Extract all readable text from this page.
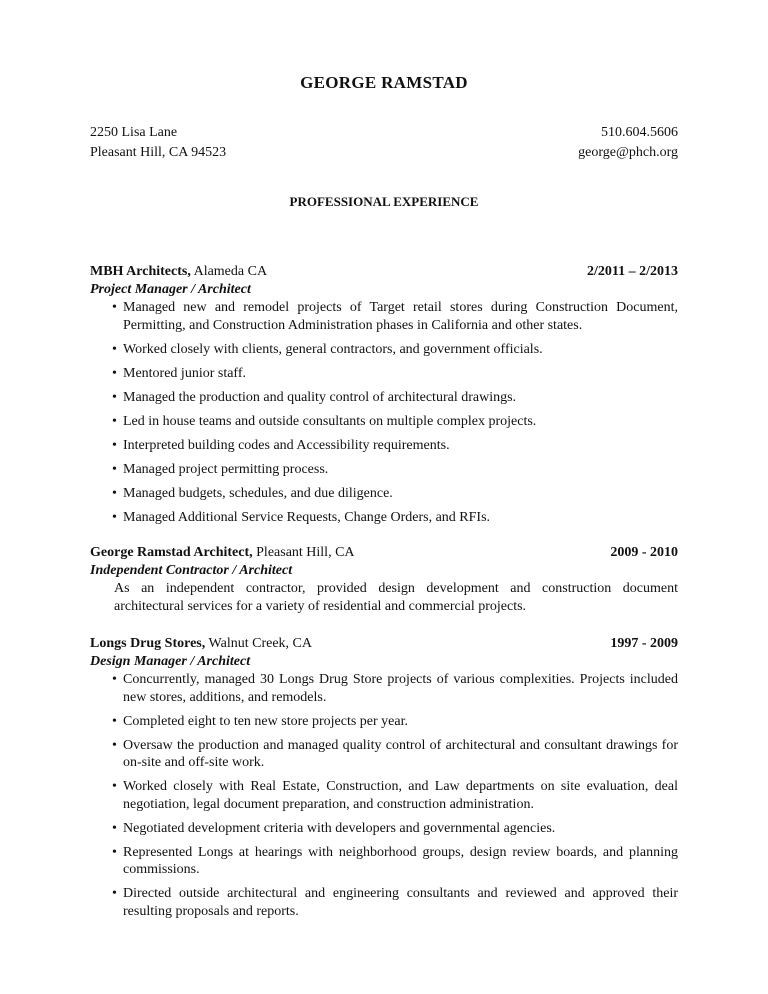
GEORGE RAMSTAD
2250 Lisa Lane	510.604.5606
Pleasant Hill, CA 94523	george@phch.org
PROFESSIONAL EXPERIENCE
MBH Architects, Alameda CA	2/2011 – 2/2013
Project Manager / Architect
• Managed new and remodel projects of Target retail stores during Construction Document, Permitting, and Construction Administration phases in California and other states.
• Worked closely with clients, general contractors, and government officials.
• Mentored junior staff.
• Managed the production and quality control of architectural drawings.
• Led in house teams and outside consultants on multiple complex projects.
• Interpreted building codes and Accessibility requirements.
• Managed project permitting process.
• Managed budgets, schedules, and due diligence.
• Managed Additional Service Requests, Change Orders, and RFIs.
George Ramstad Architect, Pleasant Hill, CA	2009 - 2010
Independent Contractor / Architect
As an independent contractor, provided design development and construction document architectural services for a variety of residential and commercial projects.
Longs Drug Stores, Walnut Creek, CA	1997 - 2009
Design Manager / Architect
• Concurrently, managed 30 Longs Drug Store projects of various complexities. Projects included new stores, additions, and remodels.
• Completed eight to ten new store projects per year.
• Oversaw the production and managed quality control of architectural and consultant drawings for on-site and off-site work.
• Worked closely with Real Estate, Construction, and Law departments on site evaluation, deal negotiation, legal document preparation, and construction administration.
• Negotiated development criteria with developers and governmental agencies.
• Represented Longs at hearings with neighborhood groups, design review boards, and planning commissions.
• Directed outside architectural and engineering consultants and reviewed and approved their resulting proposals and reports.
